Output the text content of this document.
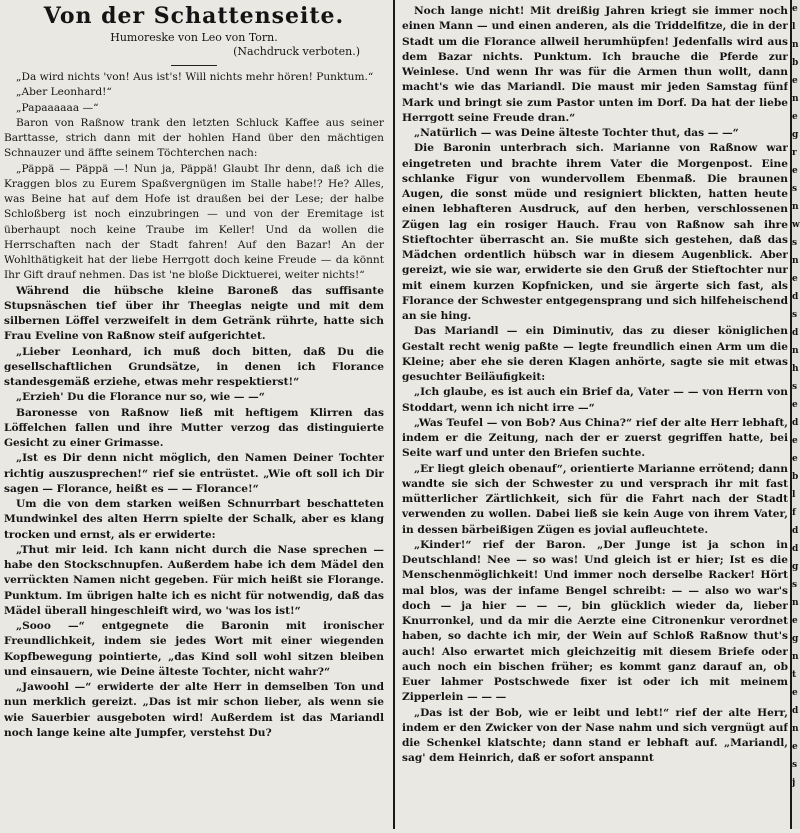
Von der Schattenseite.
Humoreske von Leo von Torn.
(Nachdruck verboten.)

„Da wird nichts 'von! Aus ist's! Will nichts mehr hören! Punktum.“

„Aber Leonhard!“

„Papaaaaaa —“

Baron von Raßnow trank den letzten Schluck Kaffee aus seiner Barttasse, strich dann mit der hohlen Hand über den mächtigen Schnauzer und äffte seinem Töchterchen nach:

„Päppä — Päppä —! Nun ja, Päppä! Glaubt Ihr denn, daß ich die Kraggen blos zu Eurem Spaßvergnügen im Stalle habe!? He? Alles, was Beine hat auf dem Hofe ist draußen bei der Lese; der halbe Schloßberg ist noch einzubringen — und von der Eremitage ist überhaupt noch keine Traube im Keller! Und da wollen die Herrschaften nach der Stadt fahren! Auf den Bazar! An der Wohlthätigkeit hat der liebe Herrgott doch keine Freude — da könnt Ihr Gift drauf nehmen. Das ist 'ne bloße Dicktuerei, weiter nichts!“

Während die hübsche kleine Baroneß das suffisante Stupsnäschen tief über ihr Theeglas neigte und mit dem silbernen Löffel verzweifelt in dem Getränk rührte, hatte sich Frau Eveline von Raßnow steif aufgerichtet.

„Lieber Leonhard, ich muß doch bitten, daß Du die gesellschaftlichen Grundsätze, in denen ich Florance standesgemäß erziehe, etwas mehr respektierst!“

„Erzieh' Du die Florance nur so, wie — —“

Baronesse von Raßnow ließ mit heftigem Klirren das Löffelchen fallen und ihre Mutter verzog das distinguierte Gesicht zu einer Grimasse.

„Ist es Dir denn nicht möglich, den Namen Deiner Tochter richtig auszusprechen!“ rief sie entrüstet. „Wie oft soll ich Dir sagen — Florance, heißt es — — Florance!“

Um die von dem starken weißen Schnurrbart beschatteten Mundwinkel des alten Herrn spielte der Schalk, aber es klang trocken und ernst, als er erwiderte:

„Thut mir leid. Ich kann nicht durch die Nase sprechen — habe den Stockschnupfen. Außerdem habe ich dem Mädel den verrückten Namen nicht gegeben. Für mich heißt sie Florange. Punktum. Im übrigen halte ich es nicht für notwendig, daß das Mädel überall hingeschleift wird, wo 'was los ist!“

„Sooo —“ entgegnete die Baronin mit ironischer Freundlichkeit, indem sie jedes Wort mit einer wiegenden Kopfbewegung pointierte, „das Kind soll wohl sitzen bleiben und einsauern, wie Deine älteste Tochter, nicht wahr?“

„Jawoohl —“ erwiderte der alte Herr in demselben Ton und nun merklich gereizt. „Das ist mir schon lieber, als wenn sie wie Sauerbier ausgeboten wird! Außerdem ist das Mariandl noch lange keine alte Jumpfer, verstehst Du?

Noch lange nicht! Mit dreißig Jahren kriegt sie immer noch einen Mann — und einen anderen, als die Triddelfitze, die in der Stadt um die Florance allweil herumhüpfen! Jedenfalls wird aus dem Bazar nichts. Punktum. Ich brauche die Pferde zur Weinlese. Und wenn Ihr was für die Armen thun wollt, dann macht's wie das Mariandl. Die maust mir jeden Samstag fünf Mark und bringt sie zum Pastor unten im Dorf. Da hat der liebe Herrgott seine Freude dran.“

„Natürlich — was Deine älteste Tochter thut, das — —“

Die Baronin unterbrach sich. Marianne von Raßnow war eingetreten und brachte ihrem Vater die Morgenpost. Eine schlanke Figur von wundervollem Ebenmaß. Die braunen Augen, die sonst müde und resigniert blickten, hatten heute einen lebhafteren Ausdruck, auf den herben, verschlossenen Zügen lag ein rosiger Hauch. Frau von Raßnow sah ihre Stieftochter überrascht an. Sie mußte sich gestehen, daß das Mädchen ordentlich hübsch war in diesem Augenblick. Aber gereizt, wie sie war, erwiderte sie den Gruß der Stieftochter nur mit einem kurzen Kopfnicken, und sie ärgerte sich fast, als Florance der Schwester entgegensprang und sich hilfeheischend an sie hing.

Das Mariandl — ein Diminutiv, das zu dieser königlichen Gestalt recht wenig paßte — legte freundlich einen Arm um die Kleine; aber ehe sie deren Klagen anhörte, sagte sie mit etwas gesuchter Beiläufigkeit:

„Ich glaube, es ist auch ein Brief da, Vater — — von Herrn von Stoddart, wenn ich nicht irre —“

„Was Teufel — von Bob? Aus China?“ rief der alte Herr lebhaft, indem er die Zeitung, nach der er zuerst gegriffen hatte, bei Seite warf und unter den Briefen suchte.

„Er liegt gleich obenauf“, orientierte Marianne errötend; dann wandte sie sich der Schwester zu und versprach ihr mit fast mütterlicher Zärtlichkeit, sich für die Fahrt nach der Stadt verwenden zu wollen. Dabei ließ sie kein Auge von ihrem Vater, in dessen bärbeißigen Zügen es jovial aufleuchtete.

„Kinder!“ rief der Baron. „Der Junge ist ja schon in Deutschland! Nee — so was! Und gleich ist er hier; Ist es die Menschenmöglichkeit! Und immer noch derselbe Racker! Hört mal blos, was der infame Bengel schreibt: — — also wo war's doch — ja hier — — —, bin glücklich wieder da, lieber Knurronkel, und da mir die Aerzte eine Citronenkur verordnet haben, so dachte ich mir, der Wein auf Schloß Raßnow thut's auch! Also erwartet mich gleichzeitig mit diesem Briefe oder auch noch ein bischen früher; es kommt ganz darauf an, ob Euer lahmer Postschwede fixer ist oder ich mit meinem Zipperlein — — —

„Das ist der Bob, wie er leibt und lebt!“ rief der alte Herr, indem er den Zwicker von der Nase nahm und sich vergnügt auf die Schenkel klatschte; dann stand er lebhaft auf. „Mariandl, sag' dem Heinrich, daß er sofort anspannt

e
l
n
b
e
n
e
g
r
e
s
n
w
s
n
e
d
s
d
n
h
s
e
d
e
e
b
l
f
d
d
g
s
n
e
g
n
t
e
d
n
e
s
j
